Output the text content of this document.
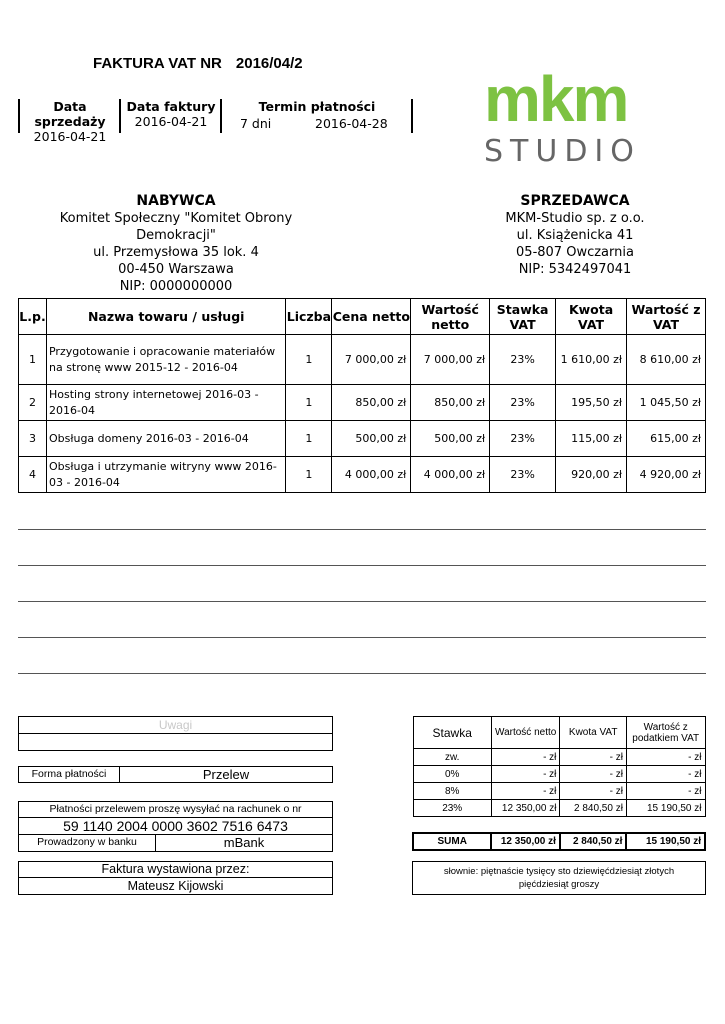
FAKTURA VAT NR 2016/04/2
Data sprzedaży
2016-04-21
Data faktury
2016-04-21
Termin płatności
7 dni	2016-04-28 mkm
STUDIO
NABYWCA
Komitet Społeczny "Komitet Obrony Demokracji"
ul. Przemysłowa 35 lok. 4
00-450 Warszawa
NIP: 0000000000
SPRZEDAWCA
MKM-Studio sp. z o.o.
ul. Książenicka 41
05-807 Owczarnia
NIP: 5342497041
L.p.	Nazwa towaru / usługi	Liczba	Cena netto	Wartość netto	Stawka VAT	Kwota VAT	Wartość z VAT
1	Przygotowanie i opracowanie materiałów na stronę www 2015-12 - 2016-04	1	7 000,00 zł	7 000,00 zł	23%	1 610,00 zł	8 610,00 zł
2	Hosting strony internetowej 2016-03 - 2016-04	1	850,00 zł	850,00 zł	23%	195,50 zł	1 045,50 zł
3	Obsługa domeny 2016-03 - 2016-04	1	500,00 zł	500,00 zł	23%	115,00 zł	615,00 zł
4	Obsługa i utrzymanie witryny www 2016-03 - 2016-04	1	4 000,00 zł	4 000,00 zł	23%	920,00 zł	4 920,00 zł
Uwagi
Forma płatności	Przelew
Płatności przelewem proszę wysyłać na rachunek o nr
59 1140 2004 0000 3602 7516 6473
Prowadzony w banku	mBank
Faktura wystawiona przez:
Mateusz Kijowski
Stawka	Wartość netto	Kwota VAT	Wartość z podatkiem VAT
zw.	- zł	- zł	- zł
0%	- zł	- zł	- zł
8%	- zł	- zł	- zł
23%	12 350,00 zł	2 840,50 zł	15 190,50 zł

SUMA	12 350,00 zł	2 840,50 zł	15 190,50 zł
słownie: piętnaście tysięcy sto dziewięćdziesiąt złotych pięćdziesiąt groszy
